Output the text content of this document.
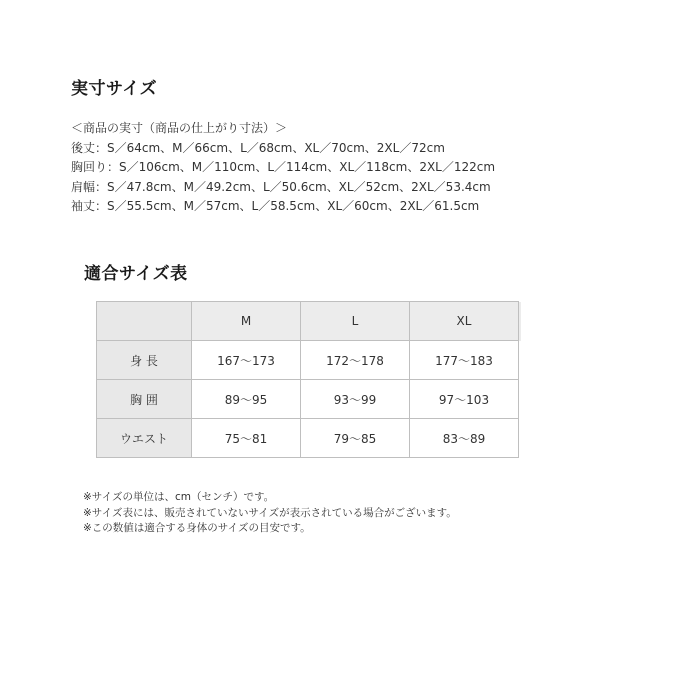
実寸サイズ
＜商品の実寸（商品の仕上がり寸法）＞
後丈：S／64cm、M／66cm、L／68cm、XL／70cm、2XL／72cm
胸回り：S／106cm、M／110cm、L／114cm、XL／118cm、2XL／122cm
肩幅：S／47.8cm、M／49.2cm、L／50.6cm、XL／52cm、2XL／53.4cm
袖丈：S／55.5cm、M／57cm、L／58.5cm、XL／60cm、2XL／61.5cm
適合サイズ表
	M	L	XL	
身 長	167～173	172～178	177～183	
胸 囲	89～95	93～99	97～103	
ウエスト	75～81	79～85	83～89	
※サイズの単位は、cm（センチ）です。
※サイズ表には、販売されていないサイズが表示されている場合がございます。
※この数値は適合する身体のサイズの目安です。
